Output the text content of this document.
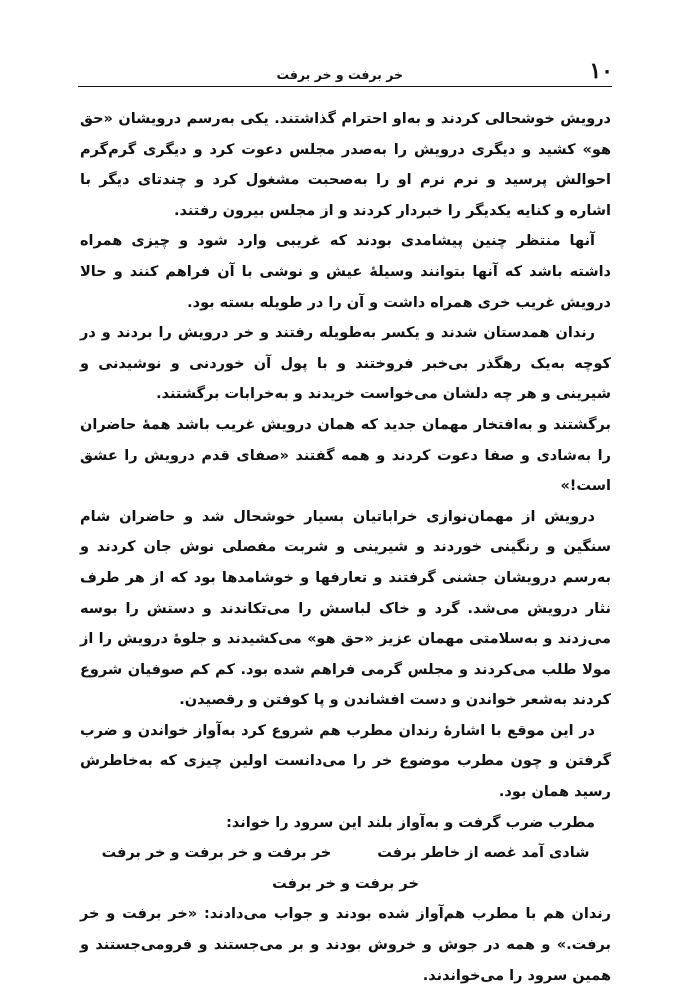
۱۰
خر برفت و خر برفت

درویش خوشحالی کردند و به‌او احترام گذاشتند. یکی به‌رسم درویشان «حق هو» کشید و دیگری درویش را به‌صدر مجلس دعوت کرد و دیگری گرم‌گرم احوالش پرسید و نرم نرم او را به‌صحبت مشغول کرد و چندتای دیگر با اشاره و کنایه یکدیگر را خبردار کردند و از مجلس بیرون رفتند.

آنها منتظر چنین پیشامدی بودند که غریبی وارد شود و چیزی همراه داشته باشد که آنها بتوانند وسیلهٔ عیش و نوشی با آن فراهم کنند و حالا درویش غریب خری همراه داشت و آن را در طویله بسته بود.

رندان همدستان شدند و یکسر به‌طویله رفتند و خر درویش را بردند و در کوچه به‌یک رهگذر بی‌خبر فروختند و با پول آن خوردنی و نوشیدنی و شیرینی و هر چه دلشان می‌خواست خریدند و به‌خرابات برگشتند.

برگشتند و به‌افتخار مهمان جدید که همان درویش غریب باشد همهٔ حاضران را به‌شادی و صفا دعوت کردند و همه گفتند «صفای قدم درویش را عشق است!»

درویش از مهمان‌نوازی خراباتیان بسیار خوشحال شد و حاضران شام سنگین و رنگینی خوردند و شیرینی و شربت مفصلی نوش جان کردند و به‌رسم درویشان جشنی گرفتند و تعارفها و خوشامدها بود که از هر طرف نثار درویش می‌شد. گرد و خاک لباسش را می‌تکاندند و دستش را بوسه می‌زدند و به‌سلامتی مهمان عزیز «حق هو» می‌کشیدند و جلوهٔ درویش را از مولا طلب می‌کردند و مجلس گرمی فراهم شده بود. کم کم صوفیان شروع کردند به‌شعر خواندن و دست افشاندن و پا کوفتن و رقصیدن.

در این موقع با اشارهٔ رندان مطرب هم شروع کرد به‌آواز خواندن و ضرب گرفتن و چون مطرب موضوع خر را می‌دانست اولین چیزی که به‌خاطرش رسید همان بود.

مطرب ضرب گرفت و به‌آواز بلند این سرود را خواند:

شادی آمد غصه از خاطر برفت
خر برفت و خر برفت و خر برفت
خر برفت و خر برفت

رندان هم با مطرب هم‌آواز شده بودند و جواب می‌دادند: «خر برفت و خر برفت.» و همه در جوش و خروش بودند و بر می‌جستند و فرومی‌جستند و همین سرود را می‌خواندند.
